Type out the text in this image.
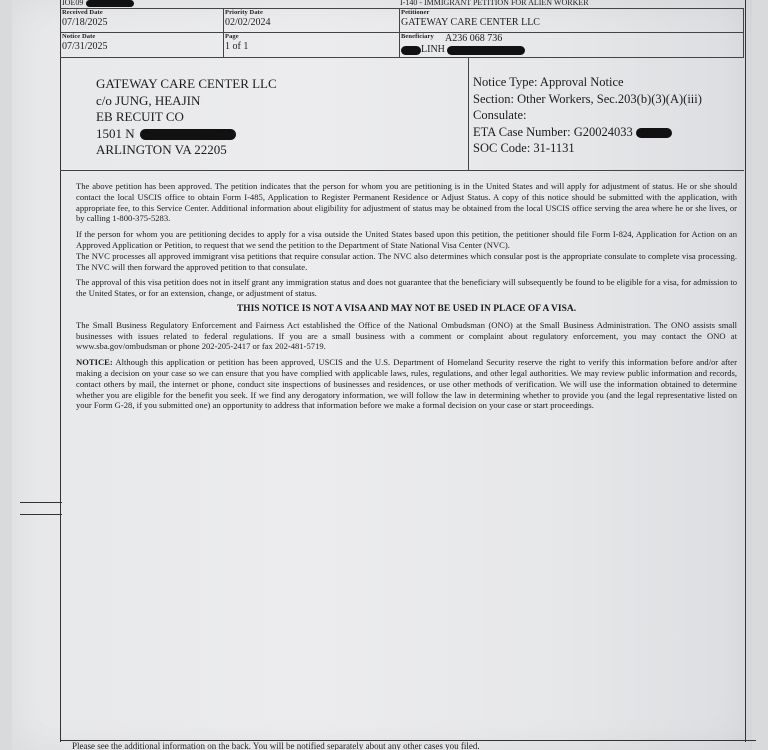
IOE09	I-140 - IMMIGRANT PETITION FOR ALIEN WORKER
Received Date
07/18/2025
Priority Date
02/02/2024
Petitioner
GATEWAY CARE CENTER LLC
Notice Date
07/31/2025
Page
1 of 1
Beneficiary A236 068 736
LINH
GATEWAY CARE CENTER LLC
c/o JUNG, HEAJIN
EB RECUIT CO
1501 N
ARLINGTON VA 22205
Notice Type: Approval Notice
Section: Other Workers, Sec.203(b)(3)(A)(iii)
Consulate:
ETA Case Number: G20024033
SOC Code: 31-1131

The above petition has been approved. The petition indicates that the person for whom you are petitioning is in the United States and will apply for adjustment of status. He or she should contact the local USCIS office to obtain Form I-485, Application to Register Permanent Residence or Adjust Status. A copy of this notice should be submitted with the application, with appropriate fee, to this Service Center. Additional information about eligibility for adjustment of status may be obtained from the local USCIS office serving the area where he or she lives, or by calling 1-800-375-5283.

If the person for whom you are petitioning decides to apply for a visa outside the United States based upon this petition, the petitioner should file Form I-824, Application for Action on an Approved Application or Petition, to request that we send the petition to the Department of State National Visa Center (NVC).

The NVC processes all approved immigrant visa petitions that require consular action. The NVC also determines which consular post is the appropriate consulate to complete visa processing. The NVC will then forward the approved petition to that consulate.

The approval of this visa petition does not in itself grant any immigration status and does not guarantee that the beneficiary will subsequently be found to be eligible for a visa, for admission to the United States, or for an extension, change, or adjustment of status.

THIS NOTICE IS NOT A VISA AND MAY NOT BE USED IN PLACE OF A VISA.

The Small Business Regulatory Enforcement and Fairness Act established the Office of the National Ombudsman (ONO) at the Small Business Administration. The ONO assists small businesses with issues related to federal regulations. If you are a small business with a comment or complaint about regulatory enforcement, you may contact the ONO at www.sba.gov/ombudsman or phone 202-205-2417 or fax 202-481-5719.

NOTICE: Although this application or petition has been approved, USCIS and the U.S. Department of Homeland Security reserve the right to verify this information before and/or after making a decision on your case so we can ensure that you have complied with applicable laws, rules, regulations, and other legal authorities. We may review public information and records, contact others by mail, the internet or phone, conduct site inspections of businesses and residences, or use other methods of verification. We will use the information obtained to determine whether you are eligible for the benefit you seek. If we find any derogatory information, we will follow the law in determining whether to provide you (and the legal representative listed on your Form G-28, if you submitted one) an opportunity to address that information before we make a formal decision on your case or start proceedings.

Please see the additional information on the back. You will be notified separately about any other cases you filed.
